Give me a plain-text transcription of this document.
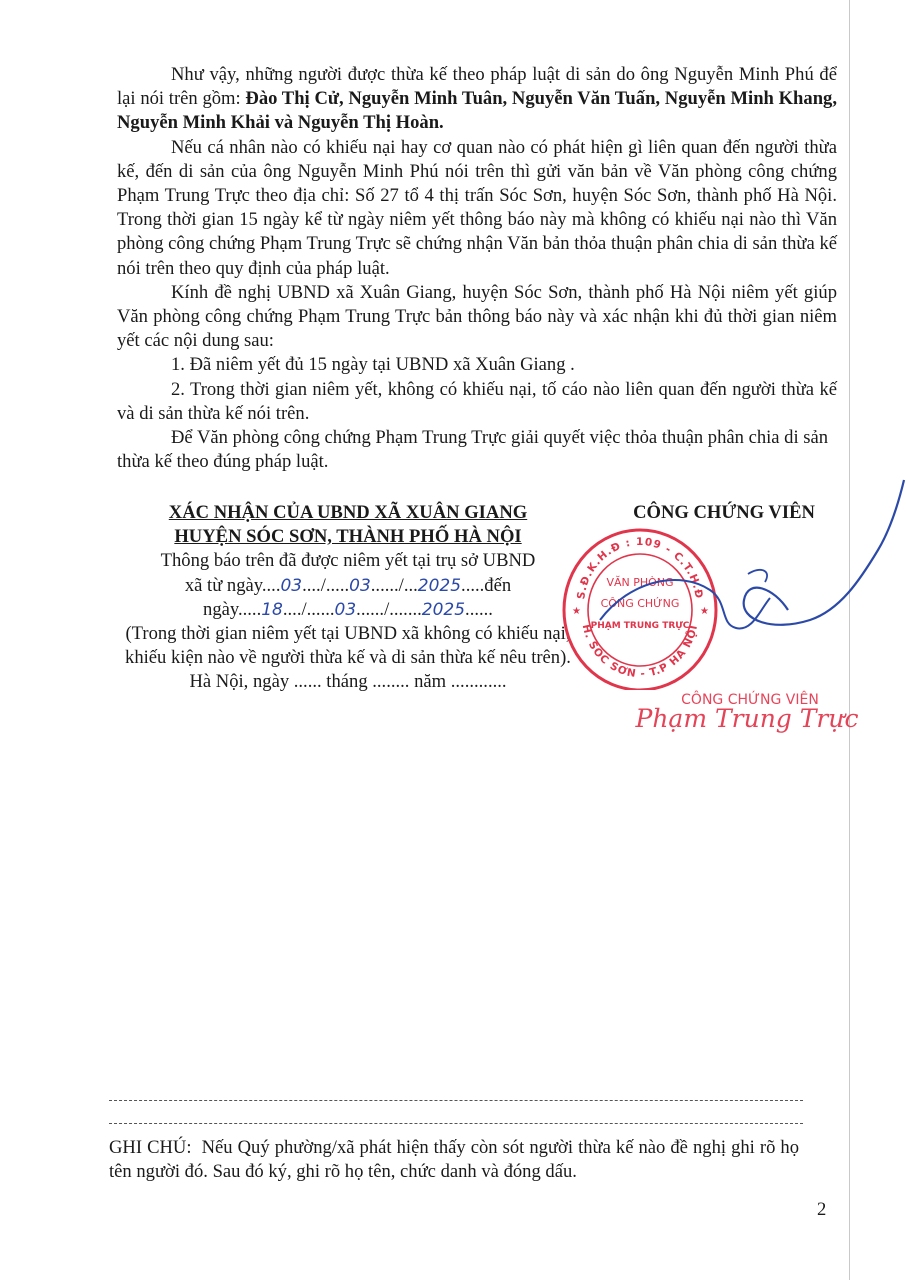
Như vậy, những người được thừa kế theo pháp luật di sản do ông Nguyễn Minh Phú để lại nói trên gồm: Đào Thị Cử, Nguyễn Minh Tuân, Nguyễn Văn Tuấn, Nguyễn Minh Khang, Nguyễn Minh Khải và Nguyễn Thị Hoàn.

Nếu cá nhân nào có khiếu nại hay cơ quan nào có phát hiện gì liên quan đến người thừa kế, đến di sản của ông Nguyễn Minh Phú nói trên thì gửi văn bản về Văn phòng công chứng Phạm Trung Trực theo địa chỉ: Số 27 tổ 4 thị trấn Sóc Sơn, huyện Sóc Sơn, thành phố Hà Nội. Trong thời gian 15 ngày kể từ ngày niêm yết thông báo này mà không có khiếu nại nào thì Văn phòng công chứng Phạm Trung Trực sẽ chứng nhận Văn bản thỏa thuận phân chia di sản thừa kế nói trên theo quy định của pháp luật.

Kính đề nghị UBND xã Xuân Giang, huyện Sóc Sơn, thành phố Hà Nội niêm yết giúp Văn phòng công chứng Phạm Trung Trực bản thông báo này và xác nhận khi đủ thời gian niêm yết các nội dung sau:

1. Đã niêm yết đủ 15 ngày tại UBND xã Xuân Giang .

2. Trong thời gian niêm yết, không có khiếu nại, tố cáo nào liên quan đến người thừa kế và di sản thừa kế nói trên.

Để Văn phòng công chứng Phạm Trung Trực giải quyết việc thỏa thuận phân chia di sản thừa kế theo đúng pháp luật.

XÁC NHẬN CỦA UBND XÃ XUÂN GIANG
HUYỆN SÓC SƠN, THÀNH PHỐ HÀ NỘI
Thông báo trên đã được niêm yết tại trụ sở UBND
xã từ ngày....03..../.....03....../...2025.....đến
ngày.....18..../......03....../.......2025......
(Trong thời gian niêm yết tại UBND xã không có khiếu nại, khiếu kiện nào về người thừa kế và di sản thừa kế nêu trên).
Hà Nội, ngày ...... tháng ........ năm ............
CÔNG CHỨNG VIÊN
S.Đ.K.H.Đ : 109 - C.T.H.Đ
H. SÓC SƠN - T.P HÀ NỘI
★	★
VĂN PHÒNG
CÔNG CHỨNG
PHẠM TRUNG TRỰC
CÔNG CHỨNG VIÊN
Phạm Trung Trực
GHI CHÚ: Nếu Quý phường/xã phát hiện thấy còn sót người thừa kế nào đề nghị ghi rõ họ tên người đó. Sau đó ký, ghi rõ họ tên, chức danh và đóng dấu.
2
